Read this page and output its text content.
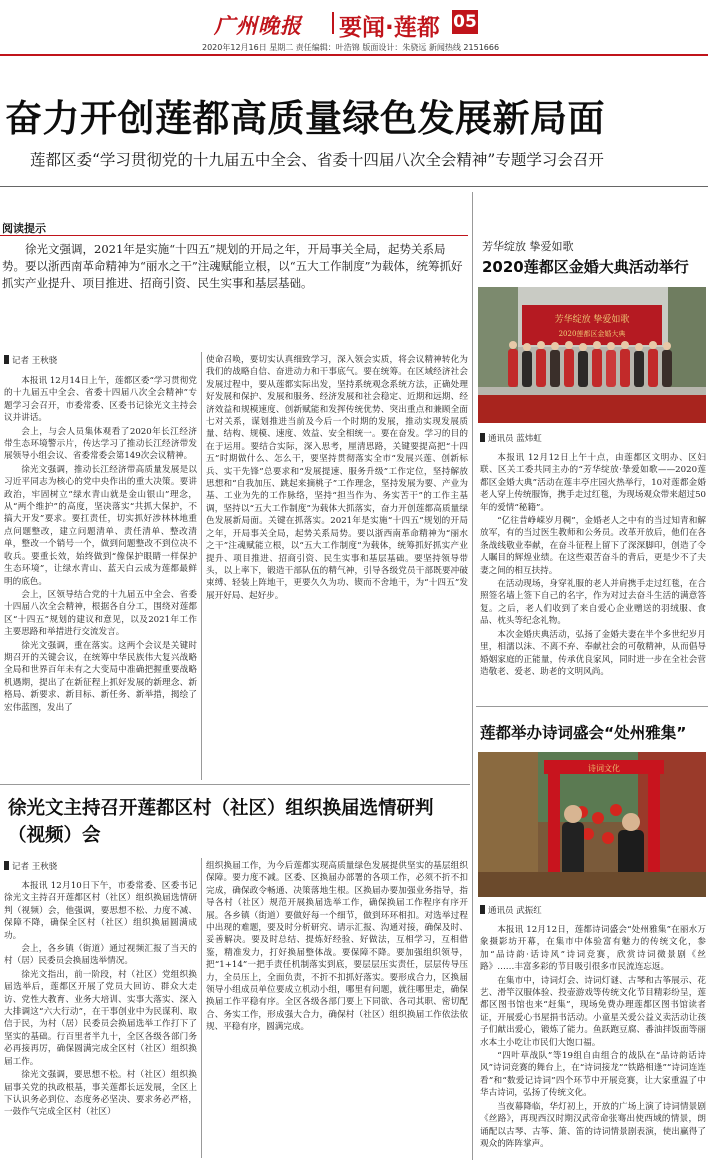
广州晚报 要闻·莲都 05
2020年12月16日 星期二 责任编辑：叶浩锦 版面设计：朱骁远 新闻热线 2151666
奋力开创莲都高质量绿色发展新局面
莲都区委“学习贯彻党的十九届五中全会、省委十四届八次全会精神”专题学习会召开
阅读提示
徐光文强调，2021年是实施“十四五”规划的开局之年，开局事关全局，起势关系局势。要以浙西南革命精神为“丽水之干”注魂赋能立根，以“五大工作制度”为载体，统筹抓好抓实产业提升、项目推进、招商引资、民生实事和基层基础。
记者 王秋骁

本报讯 12月14日上午，莲都区委“学习贯彻党的十九届五中全会、省委十四届八次全会精神”专题学习会召开，市委常委、区委书记徐光文主持会议并讲话。

会上，与会人员集体观看了2020年长江经济带生态环境警示片，传达学习了推动长江经济带发展领导小组会议、省委常委会第149次会议精神。

徐光文强调，推动长江经济带高质量发展是以习近平同志为核心的党中央作出的重大决策。要讲政治，牢固树立“绿水青山就是金山银山”理念，从“两个维护”的高度，坚决落实“共抓大保护，不搞大开发”要求。要扛责任，切实抓好涉林林地重点问题整改，建立问题清单、责任清单、整改清单，整改一个销号一个，做到问题整改不到位决不收兵。要重长效，始终做到“像保护眼睛一样保护生态环境”，让绿水青山、蓝天白云成为莲都最鲜明的底色。

会上，区领导结合党的十九届五中全会、省委十四届八次全会精神，根据各自分工，围绕对莲都区“十四五”规划的建议和意见，以及2021年工作主要思路和举措进行交流发言。

徐光文强调，重在落实。这两个会议是关键时期召开的关键会议，在统筹中华民族伟大复兴战略全局和世界百年未有之大变局中准确把握重要战略机遇期，提出了在新征程上抓好发展的新理念、新格局、新要求、新目标、新任务、新举措，揭绘了宏伟蓝图，发出了

使命召唤，要切实认真细致学习，深入领会实质，将会议精神转化为我们的战略自信、奋进动力和干事底气。要在统筹。在区域经济社会发展过程中，要从莲都实际出发，坚持系统观念系统方法，正确处理好发展和保护、发展和服务、经济发展和社会稳定、近期和远期、经济效益和规模速度、创新赋能和发挥传统优势、突出重点和兼顾全面七对关系，谋划推进当前及今后一个时期的发展，推动实现发展质量、结构、规模、速度、效益、安全相统一。要在奋发。学习的目的在于运用。要结合实际，深入思考，厘清思路，关键要提高把“十四五”时期做什么、怎么干，要坚持贯彻落实全市“发展兴莲、创新标兵、实干先锋”总要求和“发展提速、服务升级”工作定位，坚持解放思想和“自我加压、跳起来摘桃子”工作理念，坚持发展为要、产业为基、工业为先的工作脉络，坚持“担当作为、务实苦干”的工作主基调，坚持以“五大工作制度”为载体大抓落实，奋力开创莲都高质量绿色发展新局面。关键在抓落实。2021年是实施“十四五”规划的开局之年，开局事关全局，起势关系局势。要以浙西南革命精神为“丽水之干”注魂赋能立根，以“五大工作制度”为载体，统筹抓好抓实产业提升、项目推进、招商引资、民生实事和基层基础。要坚持领导带头，以上率下，锻造干部队伍的精气神，引导各级党员干部既要冲破束缚、轻装上阵地干，更要久久为功、锲而不舍地干，为“十四五”发展开好局、起好步。

徐光文主持召开莲都区村（社区）组织换届选情研判（视频）会
记者 王秋骁

本报讯 12月10日下午，市委常委、区委书记徐光文主持召开莲都区村（社区）组织换届选情研判（视频）会，他强调，要思想不松、力度不减、保障不降，确保全区村（社区）组织换届圆满成功。

会上，各乡镇（街道）通过视频汇报了当天的村（居）民委员会换届选举情况。

徐光文指出，前一阶段，村（社区）党组织换届选举后，莲都区开展了党员大回访、群众大走访、党性大教育、业务大培训、实事大落实、深入大排调这“六大行动”，在干事创业中为民谋利、取信于民，为村（居）民委员会换届选举工作打下了坚实的基础。行百里者半九十，全区各级各部门务必再接再厉，确保圆满完成全区村（社区）组织换届工作。

徐光文强调，要思想不松。村（社区）组织换届事关党的执政根基，事关莲都长远发展，全区上下认识务必到位、态度务必坚决、要求务必严格，一鼓作气完成全区村（社区）

组织换届工作，为今后莲都实现高质量绿色发展提供坚实的基层组织保障。要力度不减。区委、区换届办部署的各项工作，必须不折不扣完成，确保政令畅通、决策落地生根。区换届办要加强业务指导，指导各村（社区）规范开展换届选举工作，确保换届工作程序有序开展。各乡镇（街道）要做好每一个细节，做到环环相扣。对选举过程中出现的难题，要及时分析研究、请示汇报、沟通对接，确保及时、妥善解决。要及时总结、提炼好经验、好做法，互相学习，互相借鉴，精准发力，打好换届整体战。要保障不降。要加强组织领导，把“1+14”一把手责任机制落实到底，要层层压实责任，层层传导压力，全员压上，全面负责，不折不扣抓好落实。要形成合力，区换届领导小组成员单位要成立机动小组，哪里有问题，就往哪里走，确保换届工作平稳有序。全区各级各部门要上下同欲、各司其职、密切配合、务实工作，形成强大合力，确保村（社区）组织换届工作依法依规、平稳有序，圆满完成。

芳华绽放 挚爱如歌
2020莲都区金婚大典活动举行
芳华绽放 挚爱如歌
2020莲都区金婚大典
通讯员 蓝炜虹

本报讯 12月12日上午十点，由莲都区文明办、区妇联、区关工委共同主办的“芳华绽放·挚爱如歌——2020莲都区金婚大典”活动在莲丰亭庄园火热举行，10对莲都金婚老人穿上传统服饰，携手走过红毯，为现场观众带来超过50年的爱情“秘籍”。

“亿往昔峥嵘岁月稠”，金婚老人之中有的当过知青和解放军，有的当过医生教师和公务员。改革开放后，他们在各条战线敬业奉献，在奋斗征程上留下了深深脚印，创造了令人瞩目的辉煌业绩。在这些艰苦奋斗的背后，更是少不了夫妻之间的相互扶持。

在活动现场，身穿礼服的老人并肩携手走过红毯，在合照签名墙上签下自己的名字，作为对过去奋斗生活的满意答复。之后，老人们收到了来自爱心企业赠送的羽绒服、食品、枕头等纪念礼物。

本次金婚庆典活动，弘扬了金婚夫妻在半个多世纪岁月里，相濡以沫、不离不弃、奉献社会的可敬精神，从而倡导婚姻家庭的正能量，传承优良家风，同时进一步在全社会营造敬老、爱老、助老的文明风尚。

莲都举办诗词盛会“处州雅集”
诗词文化
通讯员 武振红

本报讯 12月12日，莲都诗词盛会“处州雅集”在丽水万象摄影坊开幕，在集市中体验富有魅力的传统文化，参加“品诗韵·话诗风”诗词竞赛，欣赏诗词微景剧《丝路》……丰富多彩的节目吸引很多市民流连忘返。

在集市中，诗词灯会、诗词灯谜、古琴和古筝展示、花艺、滑竿汉服体验、投壶游戏等传统文化节目精彩纷呈，莲都区图书馆也来“赶集”，现场免费办理莲都区图书馆读者证，开展爱心书屋捐书活动。小童星关爱公益义卖活动让孩子们献出爱心，锻炼了能力。鱼跃跑豆腐、番油拌饭面等丽水本土小吃让市民们大饱口福。

“四叶草战队”等19组自由组合的战队在“品诗韵话诗风”诗词竞赛的舞台上，在“诗词接龙”“铁路相逢”“诗词连连看”和“数爱记诗词”四个环节中开展竞赛，让大家重温了中华古诗词，弘扬了传统文化。

当夜幕降临，华灯初上，开放的广场上演了诗词情景剧《丝路》，再现西汉时期汉武帝命张骞出使西域的情景，朗诵配以古琴、古筝、箫、笛的诗词情景剧表演，使出赢得了观众的阵阵掌声。
